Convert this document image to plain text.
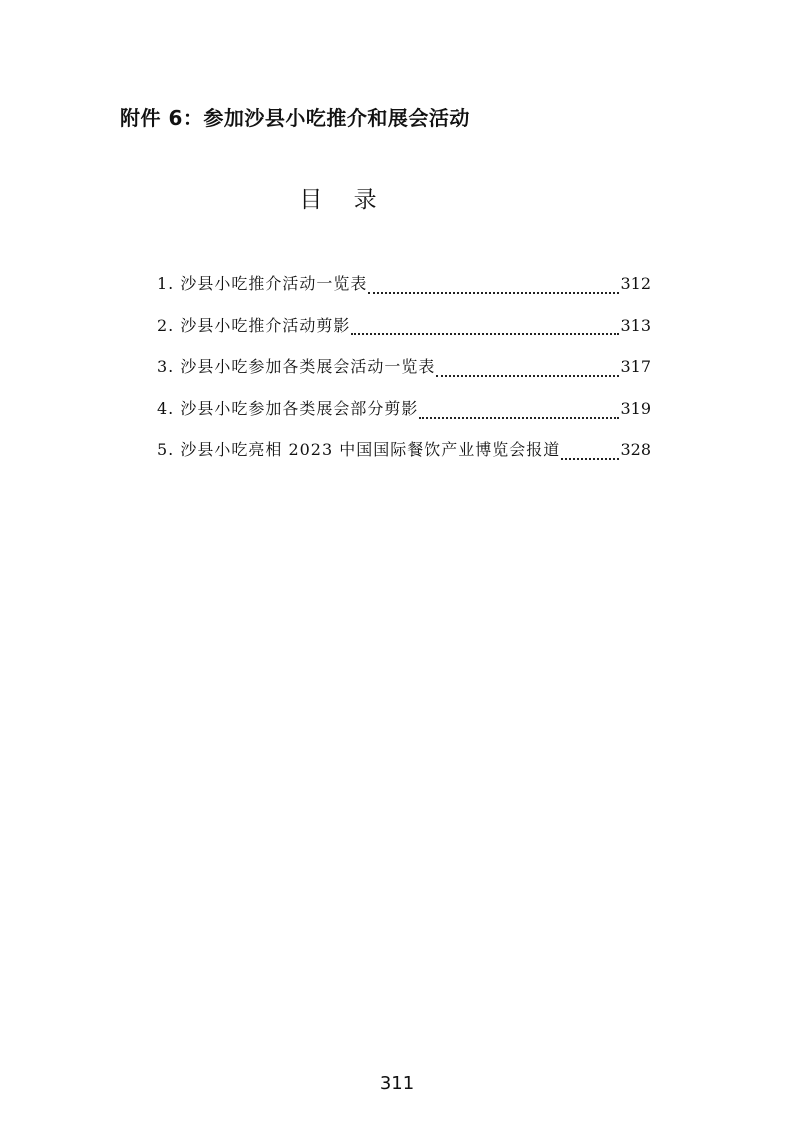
附件 6：参加沙县小吃推介和展会活动
目 录
1. 沙县小吃推介活动一览表	312
2. 沙县小吃推介活动剪影	313
3. 沙县小吃参加各类展会活动一览表	317
4. 沙县小吃参加各类展会部分剪影	319
5. 沙县小吃亮相 2023 中国国际餐饮产业博览会报道	328
311
